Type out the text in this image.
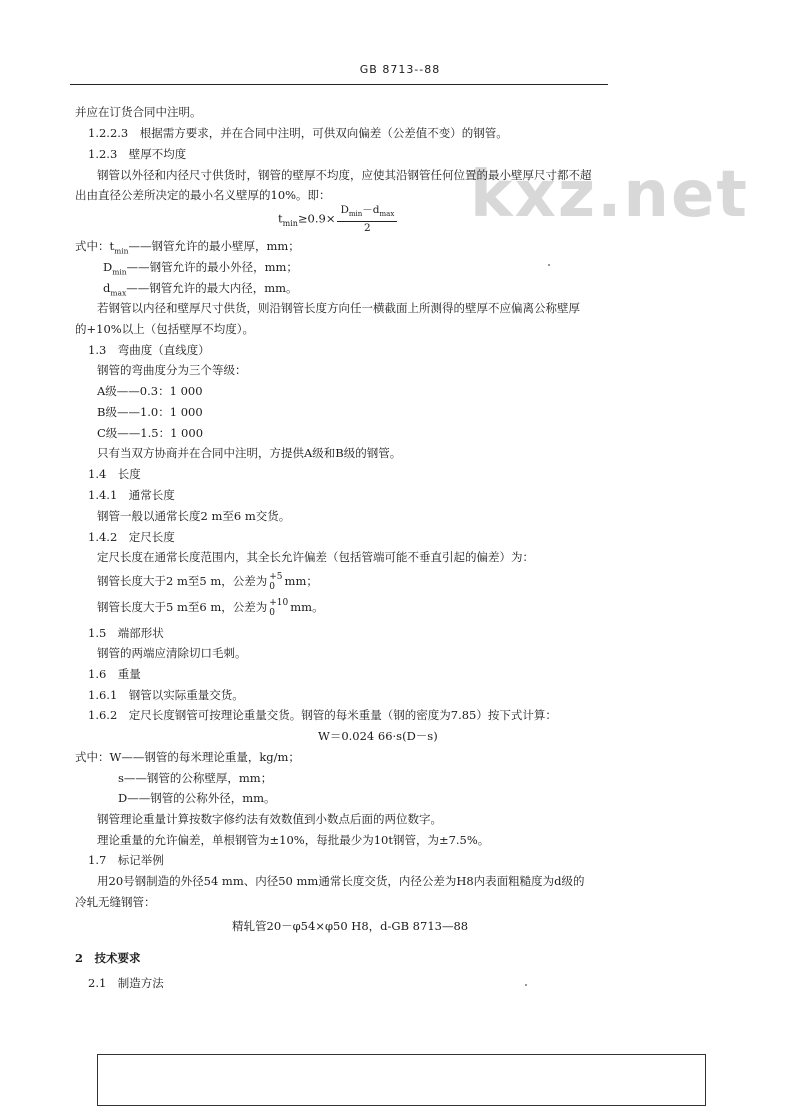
GB 8713--88
kxz.net
并应在订货合同中注明。
1.2.2.3　根据需方要求，并在合同中注明，可供双向偏差（公差值不变）的钢管。
1.2.3　壁厚不均度
钢管以外径和内径尺寸供货时，钢管的壁厚不均度，应使其沿钢管任何位置的最小壁厚尺寸都不超
出由直径公差所决定的最小名义壁厚的10%。即：
$t_{min}\ge 0.9\times \frac{D_{min}-d_{max}}{2}$
式中：$t_{min}——$钢管允许的最小壁厚，mm；
$D_{min}——$钢管允许的最小外径，mm；
$d_{max}——$钢管允许的最大内径，mm。
若钢管以内径和壁厚尺寸供货，则沿钢管长度方向任一横截面上所测得的壁厚不应偏离公称壁厚
的+10%以上（包括壁厚不均度）。
1.3　弯曲度（直线度）
钢管的弯曲度分为三个等级：
A级——0.3：1 000
B级——1.0：1 000
C级——1.5：1 000
只有当双方协商并在合同中注明，方提供A级和B级的钢管。
1.4　长度
1.4.1　通常长度
钢管一般以通常长度2 m至6 m交货。
1.4.2　定尺长度
定尺长度在通常长度范围内，其全长允许偏差（包括管端可能不垂直引起的偏差）为：
钢管长度大于2 m至5 m，公差为 +5
0 mm；
钢管长度大于5 m至6 m，公差为 +10
0	mm。
1.5　端部形状
钢管的两端应清除切口毛刺。
1.6　重量
1.6.1　钢管以实际重量交货。
1.6.2　定尺长度钢管可按理论重量交货。钢管的每米重量（钢的密度为7.85）按下式计算：
W＝0.024 66·s(D－s)
式中：W——钢管的每米理论重量，kg/m；
s——钢管的公称壁厚，mm；
D——钢管的公称外径，mm。
钢管理论重量计算按数字修约法有效数值到小数点后面的两位数字。
理论重量的允许偏差，单根钢管为±10%，每批最少为10t钢管，为±7.5%。
1.7　标记举例
用20号钢制造的外径54 mm、内径50 mm通常长度交货，内径公差为H8内表面粗糙度为d级的
冷轧无缝钢管：
精轧管20－φ54×φ50 H8，d-GB 8713—88
2　技术要求
2.1　制造方法
